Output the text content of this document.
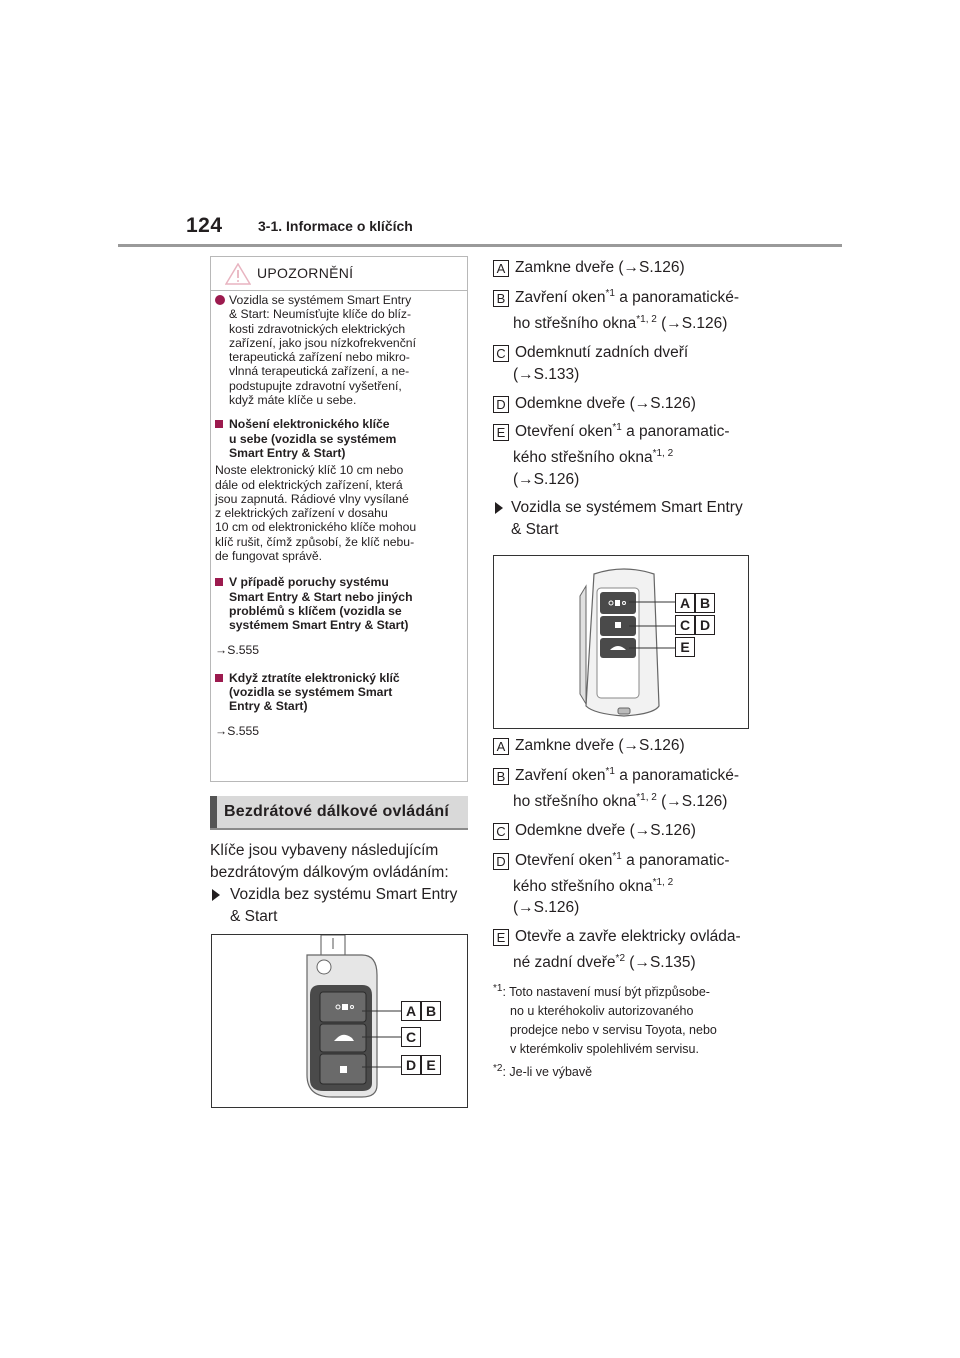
124	3-1. Informace o klíčích
UPOZORNĚNÍ
Vozidla se systémem Smart Entry
& Start: Neumísťujte klíče do blíz-
kosti zdravotnických elektrických
zařízení, jako jsou nízkofrekvenční
terapeutická zařízení nebo mikro-
vlnná terapeutická zařízení, a ne-
podstupujte zdravotní vyšetření,
když máte klíče u sebe.
Nošení elektronického klíče
u sebe (vozidla se systémem
Smart Entry & Start)
Noste elektronický klíč 10 cm nebo
dále od elektrických zařízení, která
jsou zapnutá. Rádiové vlny vysílané
z elektrických zařízení v dosahu
10 cm od elektronického klíče mohou
klíč rušit, čímž způsobí, že klíč nebu-
de fungovat správě.
V případě poruchy systému
Smart Entry & Start nebo jiných
problémů s klíčem (vozidla se
systémem Smart Entry & Start)
→S.555
Když ztratíte elektronický klíč
(vozidla se systémem Smart
Entry & Start)
→S.555
Bezdrátové dálkové ovládání
Klíče jsou vybaveny následujícím
bezdrátovým dálkovým ovládáním:
Vozidla bez systému Smart Entry
& Start
A B
C
D E
A Zamkne dveře (→S.126)
B Zavření oken$^{*1}$ a panoramatické-
ho střešního okna$^{*1, 2}$ (→S.126)
C Odemknutí zadních dveří
(→S.133)
D Odemkne dveře (→S.126)
E Otevření oken$^{*1}$ a panoramatic-
kého střešního okna$^{*1, 2}$
(→S.126)
Vozidla se systémem Smart Entry
& Start
A B
C D
E
A Zamkne dveře (→S.126)
B Zavření oken$^{*1}$ a panoramatické-
ho střešního okna$^{*1, 2}$ (→S.126)
C Odemkne dveře (→S.126)
D Otevření oken$^{*1}$ a panoramatic-
kého střešního okna$^{*1, 2}$
(→S.126)
E Otevře a zavře elektricky ovláda-
né zadní dveře$^{*2}$ (→S.135)
$^{*1}$: Toto nastavení musí být přizpůsobe-
no u kteréhokoliv autorizovaného
prodejce nebo v servisu Toyota, nebo
v kterémkoliv spolehlivém servisu.
$^{*2}$: Je-li ve výbavě
